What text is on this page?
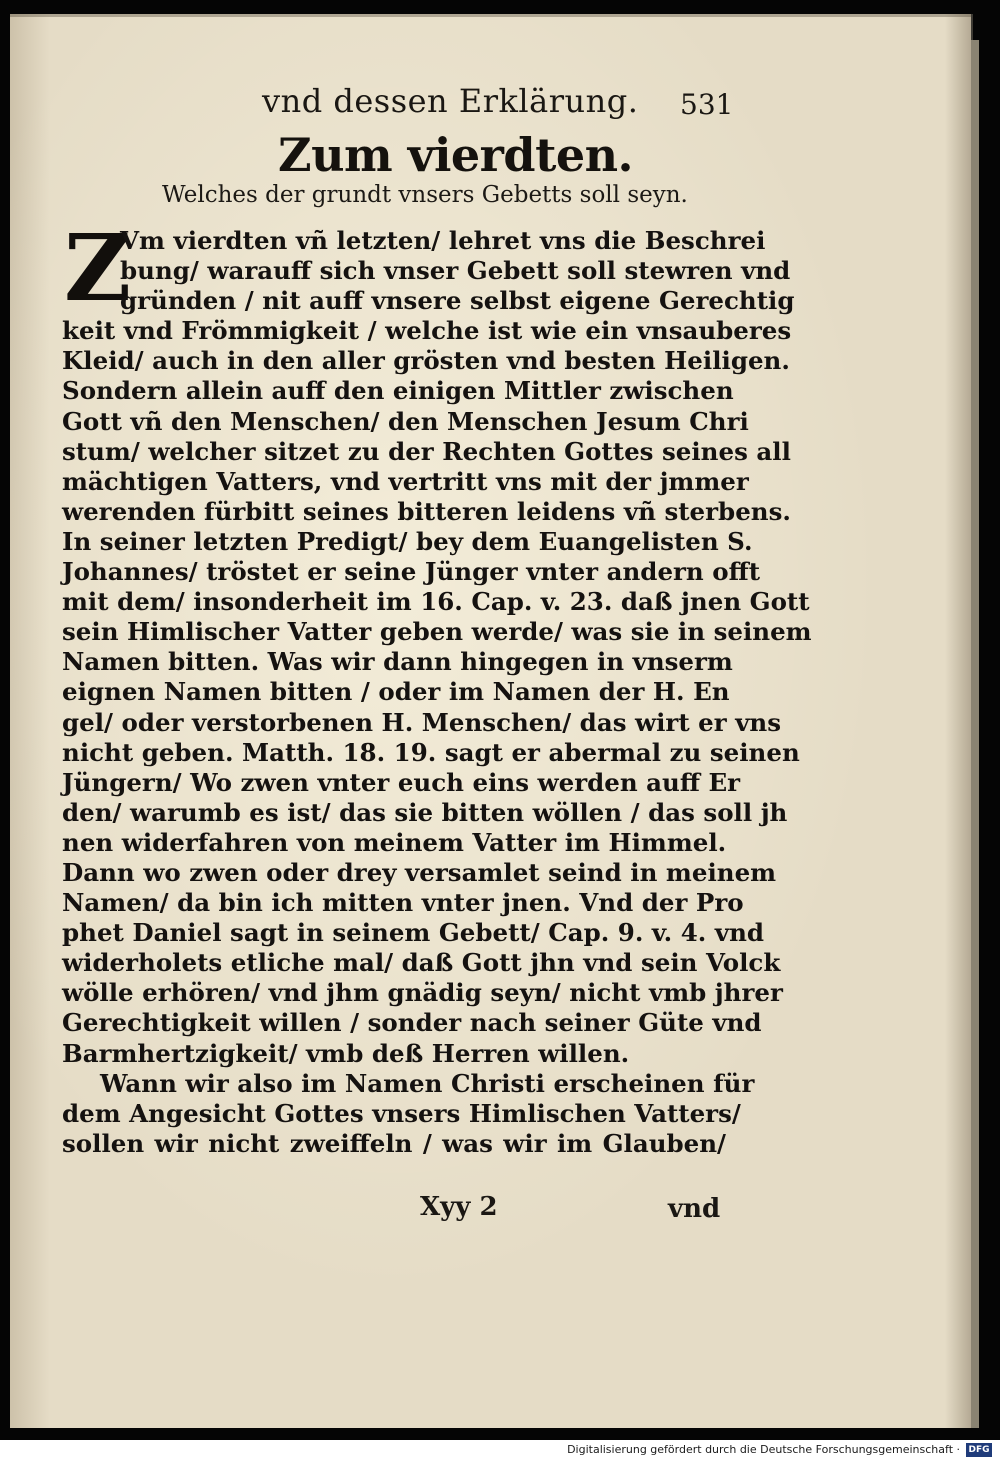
vnd dessen Erklärung. 531
Zum vierdten.
Welches der grundt vnsers Gebetts soll seyn.
Z
Vm vierdten vñ letzten/ lehret vns die Beschrei
bung/ warauff sich vnser Gebett soll stewren vnd
gründen / nit auff vnsere selbst eigene Gerechtig
keit vnd Frömmigkeit / welche ist wie ein vnsauberes
Kleid/ auch in den aller grösten vnd besten Heiligen.
Sondern allein auff den einigen Mittler zwischen
Gott vñ den Menschen/ den Menschen Jesum Chri
stum/ welcher sitzet zu der Rechten Gottes seines all
mächtigen Vatters, vnd vertritt vns mit der jmmer
werenden fürbitt seines bitteren leidens vñ sterbens.
In seiner letzten Predigt/ bey dem Euangelisten S.
Johannes/ tröstet er seine Jünger vnter andern offt
mit dem/ insonderheit im 16. Cap. v. 23. daß jnen Gott
sein Himlischer Vatter geben werde/ was sie in seinem
Namen bitten. Was wir dann hingegen in vnserm
eignen Namen bitten / oder im Namen der H. En
gel/ oder verstorbenen H. Menschen/ das wirt er vns
nicht geben. Matth. 18. 19. sagt er abermal zu seinen
Jüngern/ Wo zwen vnter euch eins werden auff Er
den/ warumb es ist/ das sie bitten wöllen / das soll jh
nen widerfahren von meinem Vatter im Himmel.
Dann wo zwen oder drey versamlet seind in meinem
Namen/ da bin ich mitten vnter jnen. Vnd der Pro
phet Daniel sagt in seinem Gebett/ Cap. 9. v. 4. vnd
widerholets etliche mal/ daß Gott jhn vnd sein Volck
wölle erhören/ vnd jhm gnädig seyn/ nicht vmb jhrer
Gerechtigkeit willen / sonder nach seiner Güte vnd
Barmhertzigkeit/ vmb deß Herren willen.
Wann wir also im Namen Christi erscheinen für
dem Angesicht Gottes vnsers Himlischen Vatters/
sollen wir nicht zweiffeln / was wir im Glauben/
Xyy 2	vnd
Digitalisierung gefördert durch die Deutsche Forschungsgemeinschaft · DFG
